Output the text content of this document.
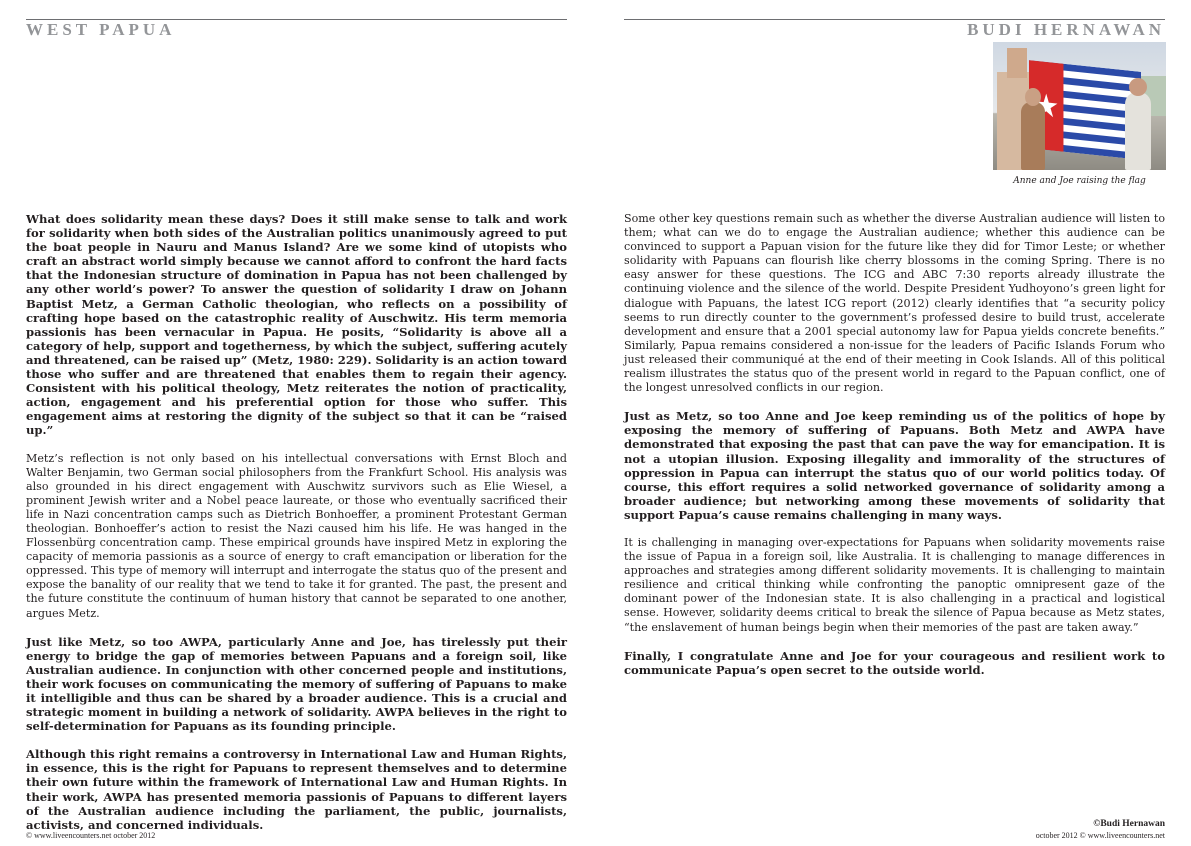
WEST PAPUA	BUDI HERNAWAN
Anne and Joe raising the flag

What does solidarity mean these days? Does it still make sense to talk and work for solidarity when both sides of the Australian politics unanimously agreed to put the boat people in Nauru and Manus Island? Are we some kind of utopists who craft an abstract world simply because we cannot afford to confront the hard facts that the Indonesian structure of domination in Papua has not been challenged by any other world’s power? To answer the question of solidarity I draw on Johann Baptist Metz, a German Catholic theologian, who reflects on a possibility of crafting hope based on the catastrophic reality of Auschwitz. His term memoria passionis has been vernacular in Papua. He posits, “Solidarity is above all a category of help, support and togetherness, by which the subject, suffering acutely and threatened, can be raised up” (Metz, 1980: 229). Solidarity is an action toward those who suffer and are threatened that enables them to regain their agency. Consistent with his political theology, Metz reiterates the notion of practicality, action, engagement and his preferential option for those who suffer. This engagement aims at restoring the dignity of the subject so that it can be “raised up.”

Metz’s reflection is not only based on his intellectual conversations with Ernst Bloch and Walter Benjamin, two German social philosophers from the Frankfurt School. His analysis was also grounded in his direct engagement with Auschwitz survivors such as Elie Wiesel, a prominent Jewish writer and a Nobel peace laureate, or those who eventually sacrificed their life in Nazi concentration camps such as Dietrich Bonhoeffer, a prominent Protestant German theologian. Bonhoeffer’s action to resist the Nazi caused him his life. He was hanged in the Flossenbürg concentration camp. These empirical grounds have inspired Metz in exploring the capacity of memoria passionis as a source of energy to craft emancipation or liberation for the oppressed. This type of memory will interrupt and interrogate the status quo of the present and expose the banality of our reality that we tend to take it for granted. The past, the present and the future constitute the continuum of human history that cannot be separated to one another, argues Metz.

Just like Metz, so too AWPA, particularly Anne and Joe, has tirelessly put their energy to bridge the gap of memories between Papuans and a foreign soil, like Australian audience. In conjunction with other concerned people and institutions, their work focuses on communicating the memory of suffering of Papuans to make it intelligible and thus can be shared by a broader audience. This is a crucial and strategic moment in building a network of solidarity. AWPA believes in the right to self-determination for Papuans as its founding principle.

Although this right remains a controversy in International Law and Human Rights, in essence, this is the right for Papuans to represent themselves and to determine their own future within the framework of International Law and Human Rights. In their work, AWPA has presented memoria passionis of Papuans to different layers of the Australian audience including the parliament, the public, journalists, activists, and concerned individuals.

Some other key questions remain such as whether the diverse Australian audience will listen to them; what can we do to engage the Australian audience; whether this audience can be convinced to support a Papuan vision for the future like they did for Timor Leste; or whether solidarity with Papuans can flourish like cherry blossoms in the coming Spring. There is no easy answer for these questions. The ICG and ABC 7:30 reports already illustrate the continuing violence and the silence of the world. Despite President Yudhoyono’s green light for dialogue with Papuans, the latest ICG report (2012) clearly identifies that “a security policy seems to run directly counter to the government’s professed desire to build trust, accelerate development and ensure that a 2001 special autonomy law for Papua yields concrete benefits.” Similarly, Papua remains considered a non-issue for the leaders of Pacific Islands Forum who just released their communiqué at the end of their meeting in Cook Islands. All of this political realism illustrates the status quo of the present world in regard to the Papuan conflict, one of the longest unresolved conflicts in our region.

Just as Metz, so too Anne and Joe keep reminding us of the politics of hope by exposing the memory of suffering of Papuans. Both Metz and AWPA have demonstrated that exposing the past that can pave the way for emancipation. It is not a utopian illusion. Exposing illegality and immorality of the structures of oppression in Papua can interrupt the status quo of our world politics today. Of course, this effort requires a solid networked governance of solidarity among a broader audience; but networking among these movements of solidarity that support Papua’s cause remains challenging in many ways.

It is challenging in managing over-expectations for Papuans when solidarity movements raise the issue of Papua in a foreign soil, like Australia. It is challenging to manage differences in approaches and strategies among different solidarity movements. It is challenging to maintain resilience and critical thinking while confronting the panoptic omnipresent gaze of the dominant power of the Indonesian state. It is also challenging in a practical and logistical sense. However, solidarity deems critical to break the silence of Papua because as Metz states, “the enslavement of human beings begin when their memories of the past are taken away.”

Finally, I congratulate Anne and Joe for your courageous and resilient work to communicate Papua’s open secret to the outside world.

© www.liveencounters.net october 2012
©Budi Hernawan
october 2012 © www.liveencounters.net
